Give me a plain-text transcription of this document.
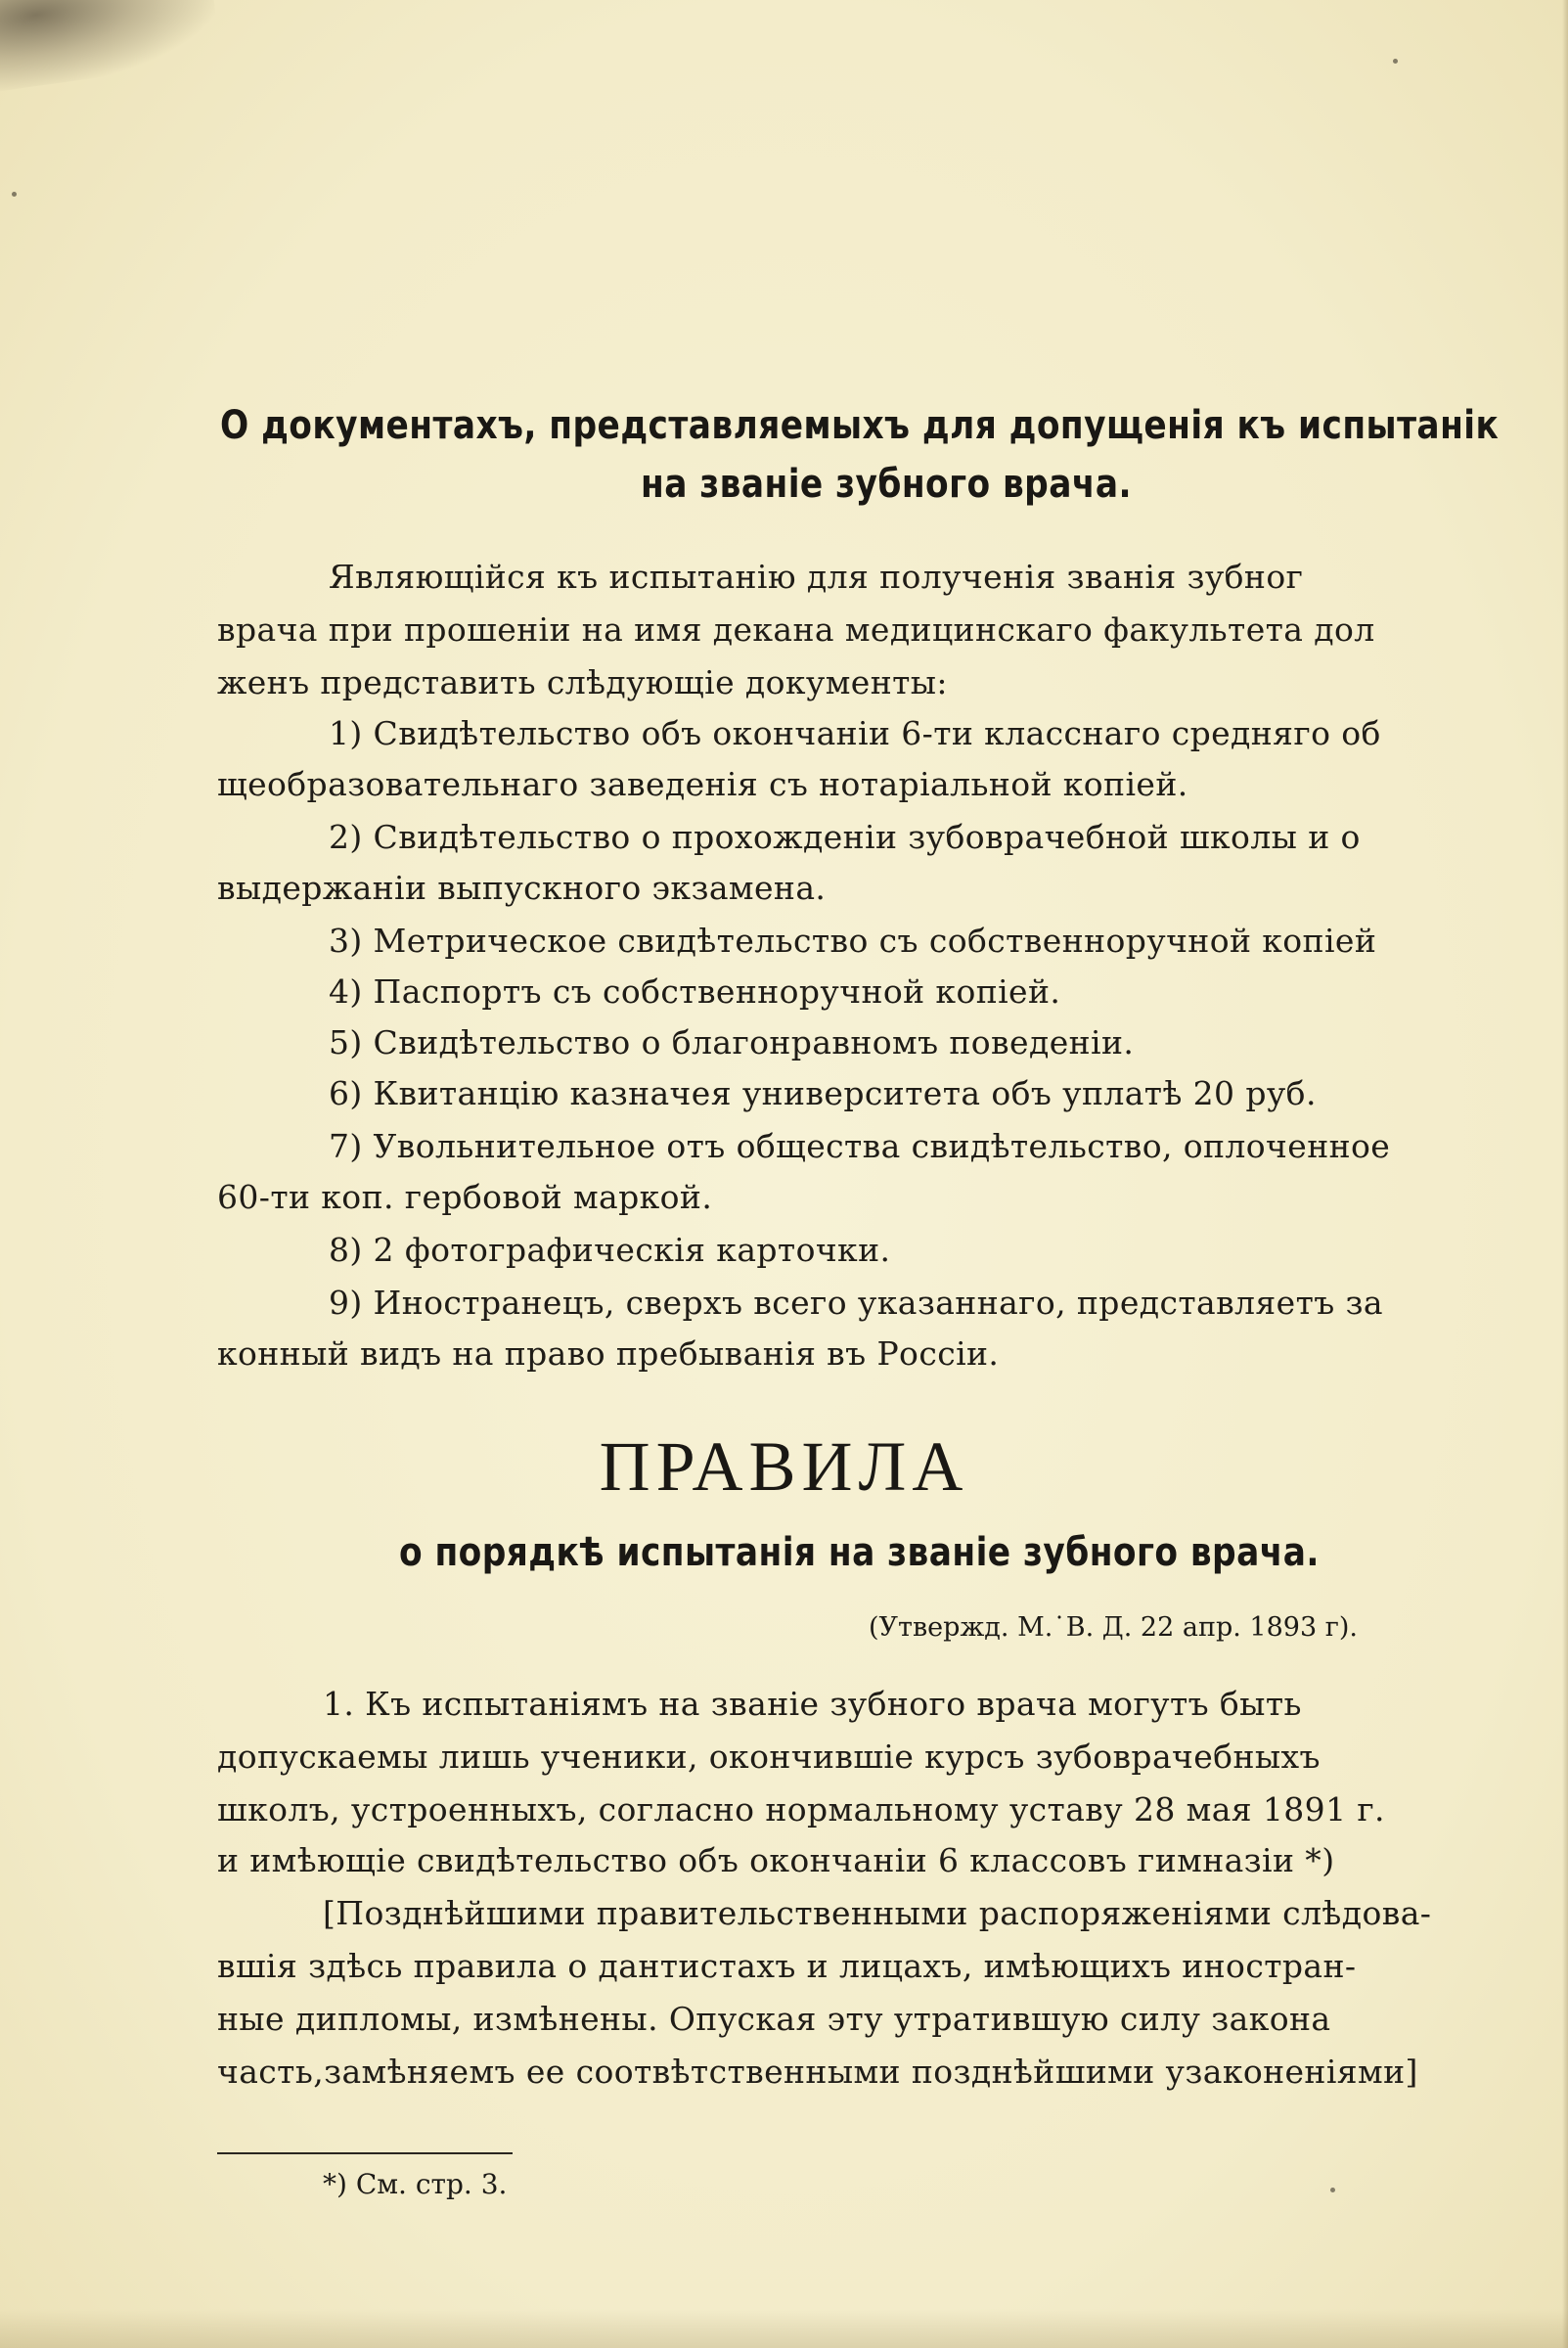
О документахъ, представляемыхъ для допущенія къ испытанік
на званіе зубного врача.
Являющійся къ испытанію для полученія званія зубног
врача при прошеніи на имя декана медицинскаго факультета дол
женъ представить слѣдующіе документы:
1) Свидѣтельство объ окончаніи 6-ти класснаго средняго об
щеобразовательнаго заведенія съ нотаріальной копіей.
2) Свидѣтельство о прохожденіи зубоврачебной школы и о
выдержаніи выпускного экзамена.
3) Метрическое свидѣтельство съ собственноручной копіей
4) Паспортъ съ собственноручной копіей.
5) Свидѣтельство о благонравномъ поведеніи.
6) Квитанцію казначея университета объ уплатѣ 20 руб.
7) Увольнительное отъ общества свидѣтельство, оплоченное
60-ти коп. гербовой маркой.
8) 2 фотографическія карточки.
9) Иностранецъ, сверхъ всего указаннаго, представляетъ за
конный видъ на право пребыванія въ Россіи.
ПРАВИЛА
о порядкѣ испытанія на званіе зубного врача.
(Утвержд. М.˙В. Д. 22 апр. 1893 г).
1. Къ испытаніямъ на званіе зубного врача могутъ быть
допускаемы лишь ученики, окончившіе курсъ зубоврачебныхъ
школъ, устроенныхъ, согласно нормальному уставу 28 мая 1891 г.
и имѣющіе свидѣтельство объ окончаніи 6 классовъ гимназіи *)
[Позднѣйшими правительственными распоряженіями слѣдова-
вшія здѣсь правила о дантистахъ и лицахъ, имѣющихъ иностран-
ные дипломы, измѣнены. Опуская эту утратившую силу закона
часть,замѣняемъ ее соотвѣтственными позднѣйшими узаконеніями]
*) См. стр. 3.
